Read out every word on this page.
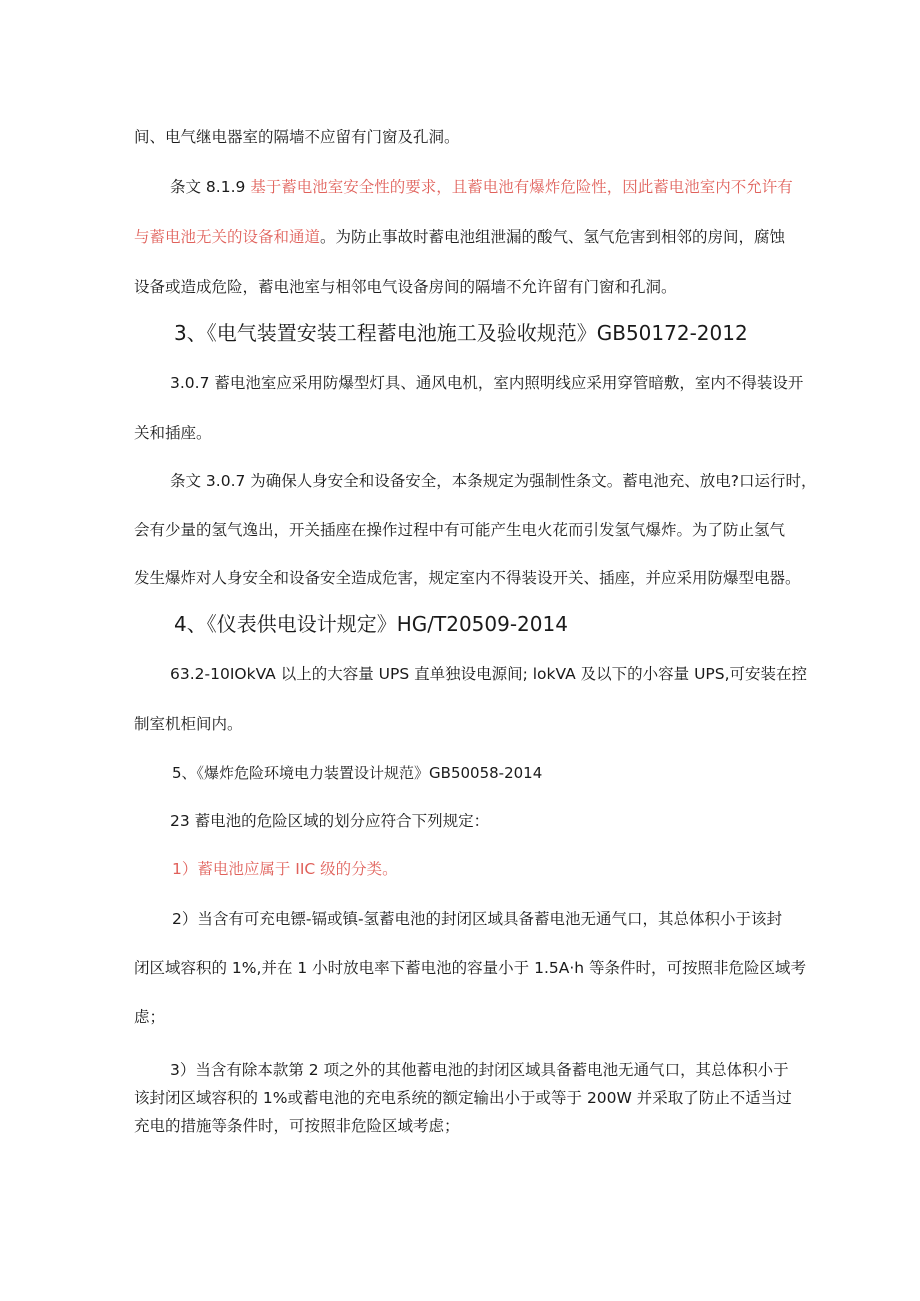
间、电气继电器室的隔墙不应留有门窗及孔洞。
条文 8.1.9 基于蓄电池室安全性的要求，且蓄电池有爆炸危险性，因此蓄电池室内不允许有
与蓄电池无关的设备和通道。为防止事故时蓄电池组泄漏的酸气、氢气危害到相邻的房间，腐蚀
设备或造成危险，蓄电池室与相邻电气设备房间的隔墙不允许留有门窗和孔洞。
3、《电气装置安装工程蓄电池施工及验收规范》GB50172-2012
3.0.7 蓄电池室应采用防爆型灯具、通风电机，室内照明线应采用穿管暗敷，室内不得装设开
关和插座。
条文 3.0.7 为确保人身安全和设备安全，本条规定为强制性条文。蓄电池充、放电?口运行时，
会有少量的氢气逸出，开关插座在操作过程中有可能产生电火花而引发氢气爆炸。为了防止氢气
发生爆炸对人身安全和设备安全造成危害，规定室内不得装设开关、插座，并应采用防爆型电器。
4、《仪表供电设计规定》HG/T20509-2014
63.2-10IOkVA 以上的大容量 UPS 直单独设电源间; lokVA 及以下的小容量 UPS,可安装在控
制室机柜间内。
5、《爆炸危险环境电力装置设计规范》GB50058-2014
23 蓄电池的危险区域的划分应符合下列规定：
1）蓄电池应属于 IIC 级的分类。
2）当含有可充电镖-镉或镇-氢蓄电池的封闭区域具备蓄电池无通气口，其总体积小于该封
闭区域容积的 1%,并在 1 小时放电率下蓄电池的容量小于 1.5A·h 等条件时，可按照非危险区域考
虑；
3）当含有除本款第 2 项之外的其他蓄电池的封闭区域具备蓄电池无通气口，其总体积小于
该封闭区域容积的 1%或蓄电池的充电系统的额定输出小于或等于 200W 并采取了防止不适当过
充电的措施等条件时，可按照非危险区域考虑；
